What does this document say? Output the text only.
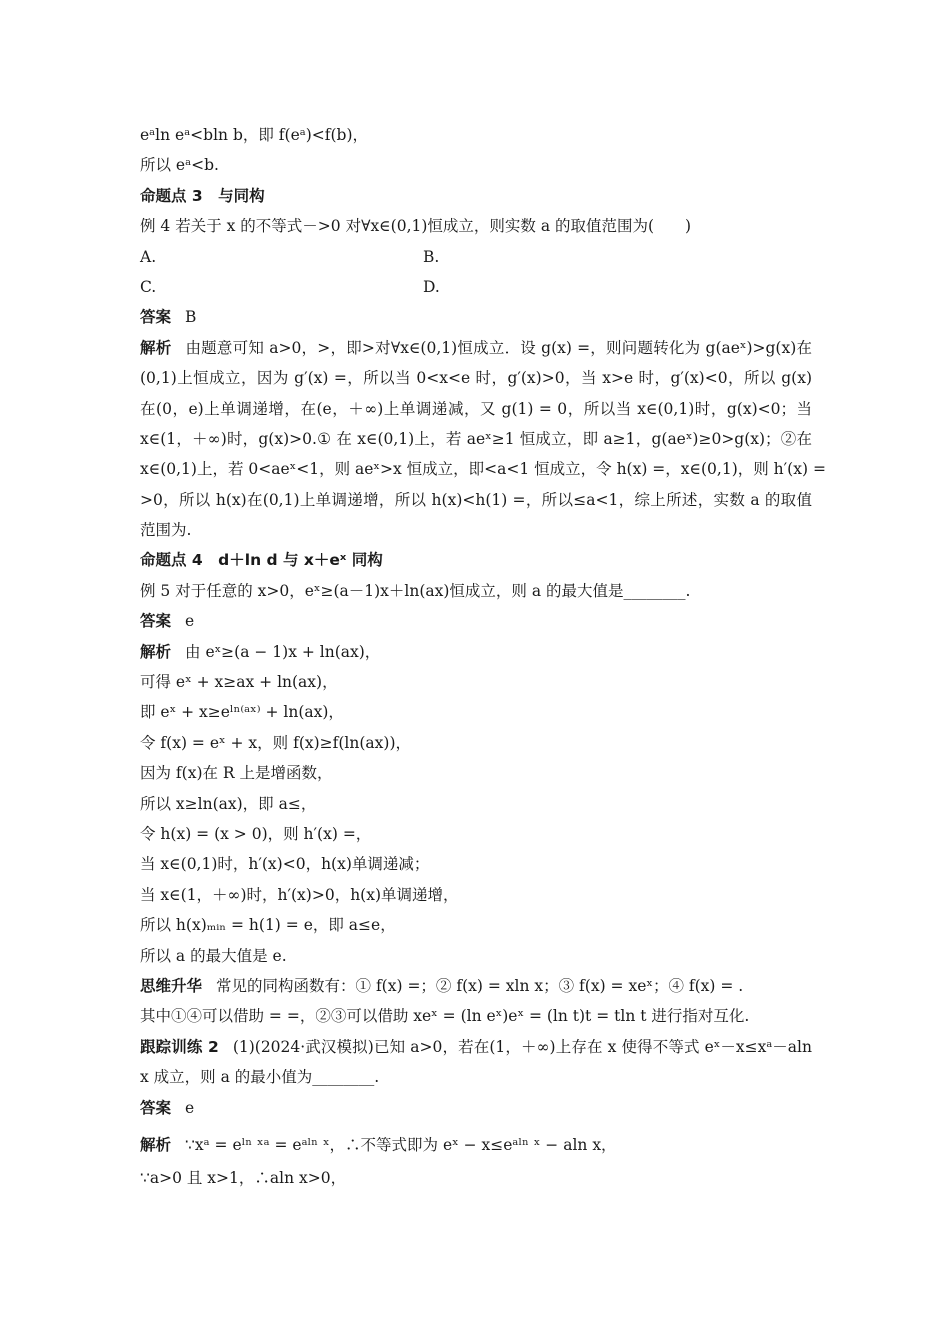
eᵃln eᵃ<bln b，即 f(eᵃ)<f(b)，
所以 eᵃ<b.
命题点 3　与同构
例 4 若关于 x 的不等式－>0 对∀x∈(0,1)恒成立，则实数 a 的取值范围为(　　)
A.	B.
C.	D.
答案 B
解析 由题意可知 a>0，>，即>对∀x∈(0,1)恒成立．设 g(x) =，则问题转化为 g(aeˣ)>g(x)在
(0,1)上恒成立，因为 g′(x) =，所以当 0<x<e 时，g′(x)>0，当 x>e 时，g′(x)<0，所以 g(x)
在(0，e)上单调递增，在(e，＋∞)上单调递减，又 g(1) = 0，所以当 x∈(0,1)时，g(x)<0；当
x∈(1，＋∞)时，g(x)>0.① 在 x∈(0,1)上，若 aeˣ≥1 恒成立，即 a≥1，g(aeˣ)≥0>g(x)；②在
x∈(0,1)上，若 0<aeˣ<1，则 aeˣ>x 恒成立，即<a<1 恒成立，令 h(x) =，x∈(0,1)，则 h′(x) =
>0，所以 h(x)在(0,1)上单调递增，所以 h(x)<h(1) =，所以≤a<1，综上所述，实数 a 的取值
范围为.
命题点 4　d＋ln d 与 x＋eˣ 同构
例 5 对于任意的 x>0，eˣ≥(a－1)x＋ln(ax)恒成立，则 a 的最大值是________.
答案 e
解析 由 eˣ≥(a − 1)x + ln(ax)，
可得 eˣ + x≥ax + ln(ax)，
即 eˣ + x≥eˡⁿ⁽ᵃˣ⁾ + ln(ax)，
令 f(x) = eˣ + x，则 f(x)≥f(ln(ax))，
因为 f(x)在 R 上是增函数，
所以 x≥ln(ax)，即 a≤，
令 h(x) = (x > 0)，则 h′(x) =，
当 x∈(0,1)时，h′(x)<0，h(x)单调递减；
当 x∈(1，＋∞)时，h′(x)>0，h(x)单调递增，
所以 h(x)ₘᵢₙ = h(1) = e，即 a≤e，
所以 a 的最大值是 e.
思维升华 常见的同构函数有：① f(x) =；② f(x) = xln x；③ f(x) = xeˣ；④ f(x) = .
其中①④可以借助 = =，②③可以借助 xeˣ = (ln eˣ)eˣ = (ln t)t = tln t 进行指对互化.
跟踪训练 2 (1)(2024·武汉模拟)已知 a>0，若在(1，＋∞)上存在 x 使得不等式 eˣ－x≤xᵃ－aln
x 成立，则 a 的最小值为________.
答案 e
解析 ∵xᵃ = eˡⁿ ˣᵃ = eᵃˡⁿ ˣ，∴不等式即为 eˣ − x≤eᵃˡⁿ ˣ − aln x，
∵a>0 且 x>1，∴aln x>0，
